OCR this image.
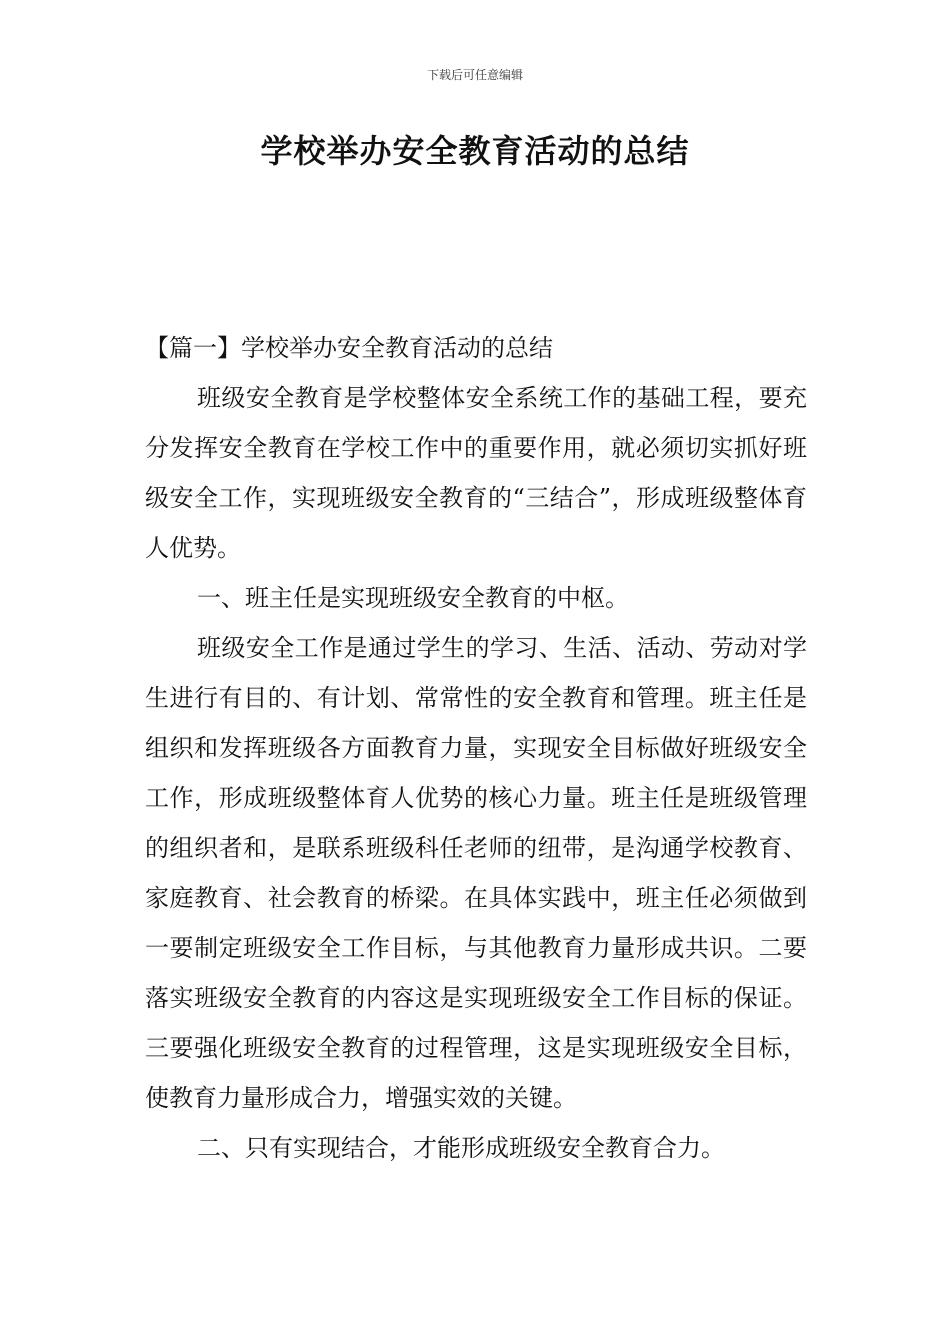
下载后可任意编辑
学校举办安全教育活动的总结

【篇一】学校举办安全教育活动的总结

班级安全教育是学校整体安全系统工作的基础工程，要充分发挥安全教育在学校工作中的重要作用，就必须切实抓好班级安全工作，实现班级安全教育的“三结合”，形成班级整体育人优势。

一、班主任是实现班级安全教育的中枢。

班级安全工作是通过学生的学习、生活、活动、劳动对学生进行有目的、有计划、常常性的安全教育和管理。班主任是组织和发挥班级各方面教育力量，实现安全目标做好班级安全工作，形成班级整体育人优势的核心力量。班主任是班级管理的组织者和，是联系班级科任老师的纽带，是沟通学校教育、家庭教育、社会教育的桥梁。在具体实践中，班主任必须做到一要制定班级安全工作目标，与其他教育力量形成共识。二要落实班级安全教育的内容这是实现班级安全工作目标的保证。三要强化班级安全教育的过程管理，这是实现班级安全目标，使教育力量形成合力，增强实效的关键。

二、只有实现结合，才能形成班级安全教育合力。
